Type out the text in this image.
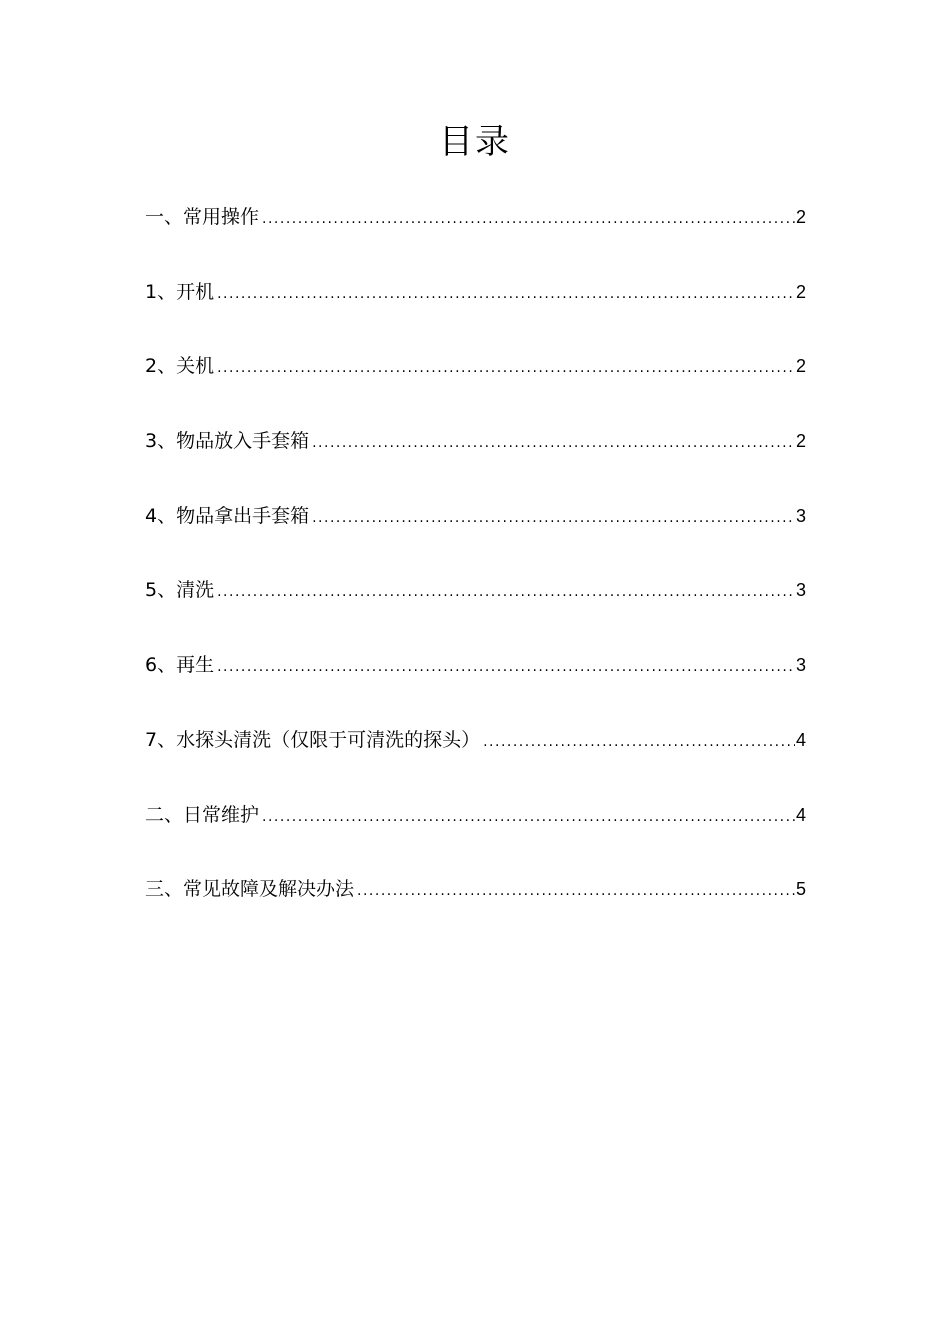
目录
一、常用操作 .....	2
1、开机 .....	2
2、关机 .....	2
3、物品放入手套箱 .....	2
4、物品拿出手套箱 .....	3
5、清洗 .....	3
6、再生 .....	3
7、水探头清洗（仅限于可清洗的探头） .....	4
二、日常维护 .....	4
三、常见故障及解决办法 .....	5
